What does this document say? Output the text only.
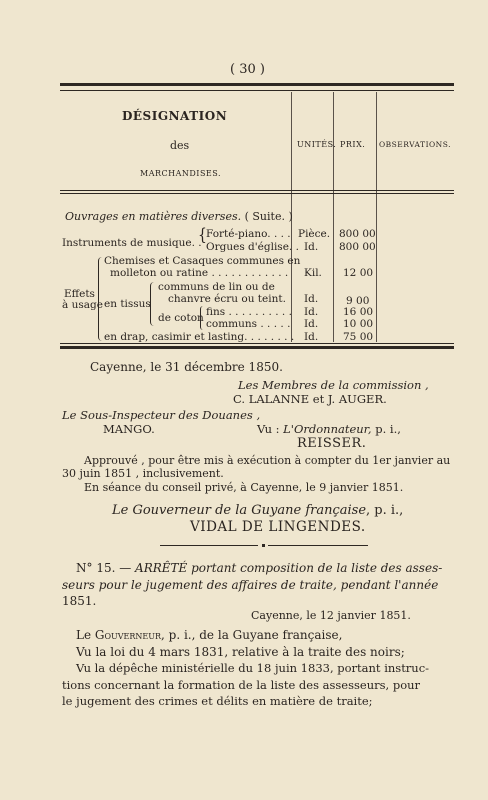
( 30 )
DÉSIGNATION
des
MARCHANDISES.
UNITÉS. PRIX. OBSERVATIONS.
Ouvrages en matières diverses. ( Suite. )
Instruments de musique. .
{ Forté-piano. . . . Pièce. 800 00
Orgues d'église. . Id. 800 00
Chemises et Casaques communes en
molleton ou ratine . . . . . . . . . . . . Kil. 12 00
Effets
à usage en tissus
communs de lin ou de
chanvre écru ou teint. Id.	9 00
de coton fins . . . . . . . . . . Id. 16 00
communs . . . . . Id. 10 00
en drap, casimir et lasting. . . . . . . . Id. 75 00
Cayenne, le 31 décembre 1850.
Les Membres de la commission ,
C. LALANNE et J. AUGER.
Le Sous-Inspecteur des Douanes ,
MANGO.	Vu : L'Ordonnateur, p. i.,
REISSER.
Approuvé , pour être mis à exécution à compter du 1er janvier au
30 juin 1851 , inclusivement.
En séance du conseil privé, à Cayenne, le 9 janvier 1851.
Le Gouverneur de la Guyane française, p. i.,
VIDAL DE LINGENDES.
N° 15. — ARRÊTÉ portant composition de la liste des asses-
seurs pour le jugement des affaires de traite, pendant l'année
1851.
Cayenne, le 12 janvier 1851.
Le Gouverneur, p. i., de la Guyane française,
Vu la loi du 4 mars 1831, relative à la traite des noirs;
Vu la dépêche ministérielle du 18 juin 1833, portant instruc-
tions concernant la formation de la liste des assesseurs, pour
le jugement des crimes et délits en matière de traite;
